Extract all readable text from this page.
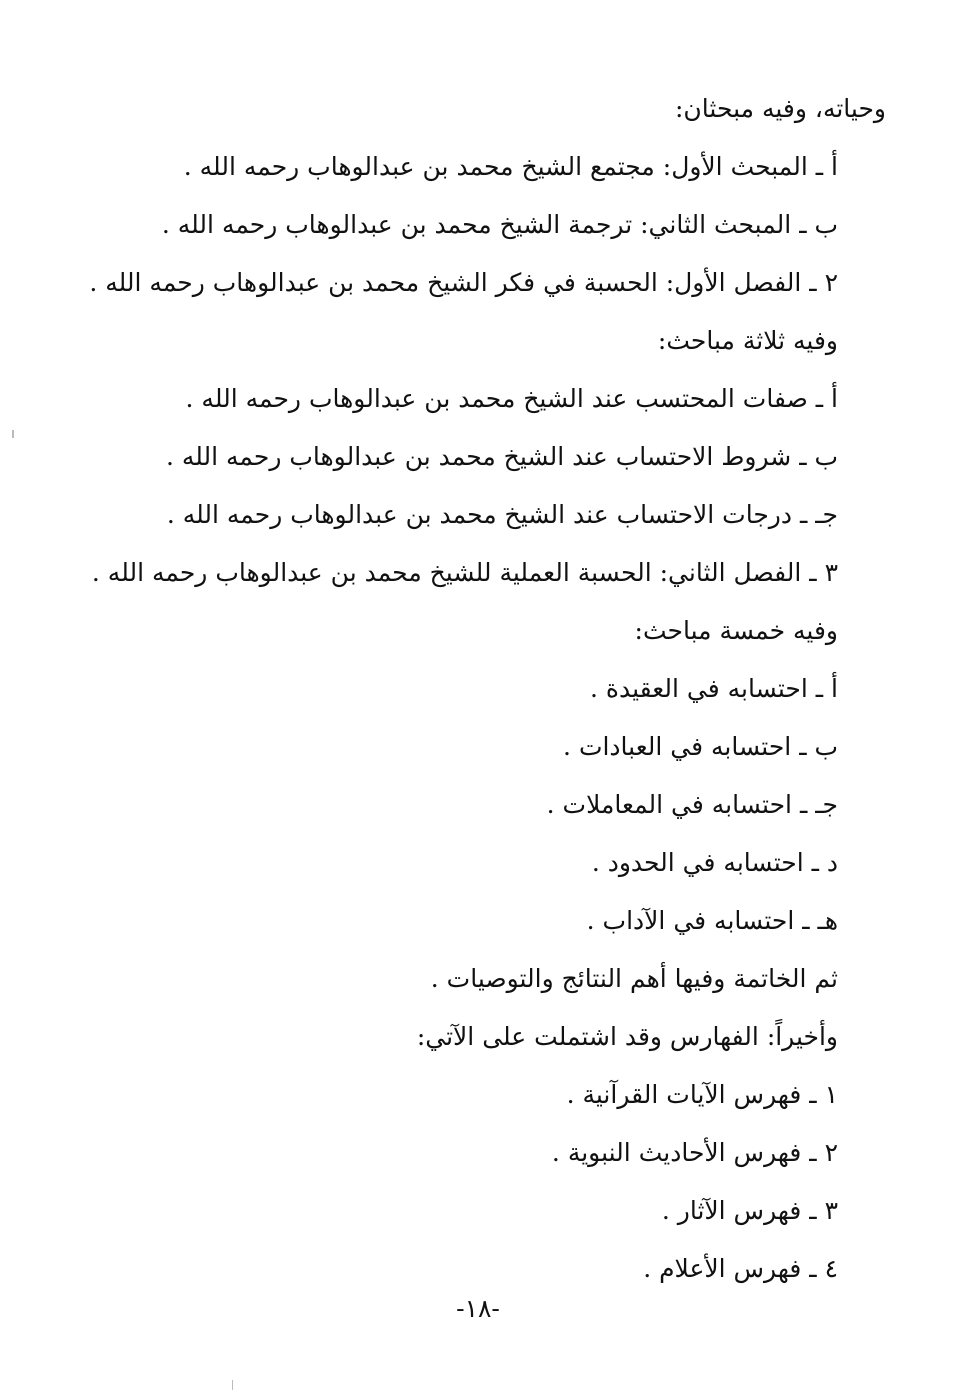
وحياته، وفيه مبحثان:
أ ـ المبحث الأول: مجتمع الشيخ محمد بن عبدالوهاب رحمه الله .
ب ـ المبحث الثاني: ترجمة الشيخ محمد بن عبدالوهاب رحمه الله .
٢ ـ الفصل الأول: الحسبة في فكر الشيخ محمد بن عبدالوهاب رحمه الله .
وفيه ثلاثة مباحث:
أ ـ صفات المحتسب عند الشيخ محمد بن عبدالوهاب رحمه الله .
ب ـ شروط الاحتساب عند الشيخ محمد بن عبدالوهاب رحمه الله .
جـ ـ درجات الاحتساب عند الشيخ محمد بن عبدالوهاب رحمه الله .
٣ ـ الفصل الثاني: الحسبة العملية للشيخ محمد بن عبدالوهاب رحمه الله .
وفيه خمسة مباحث:
أ ـ احتسابه في العقيدة .
ب ـ احتسابه في العبادات .
جـ ـ احتسابه في المعاملات .
د ـ احتسابه في الحدود .
هـ ـ احتسابه في الآداب .
ثم الخاتمة وفيها أهم النتائج والتوصيات .
وأخيراً: الفهارس وقد اشتملت على الآتي:
١ ـ فهرس الآيات القرآنية .
٢ ـ فهرس الأحاديث النبوية .
٣ ـ فهرس الآثار .
٤ ـ فهرس الأعلام .
-١٨-
